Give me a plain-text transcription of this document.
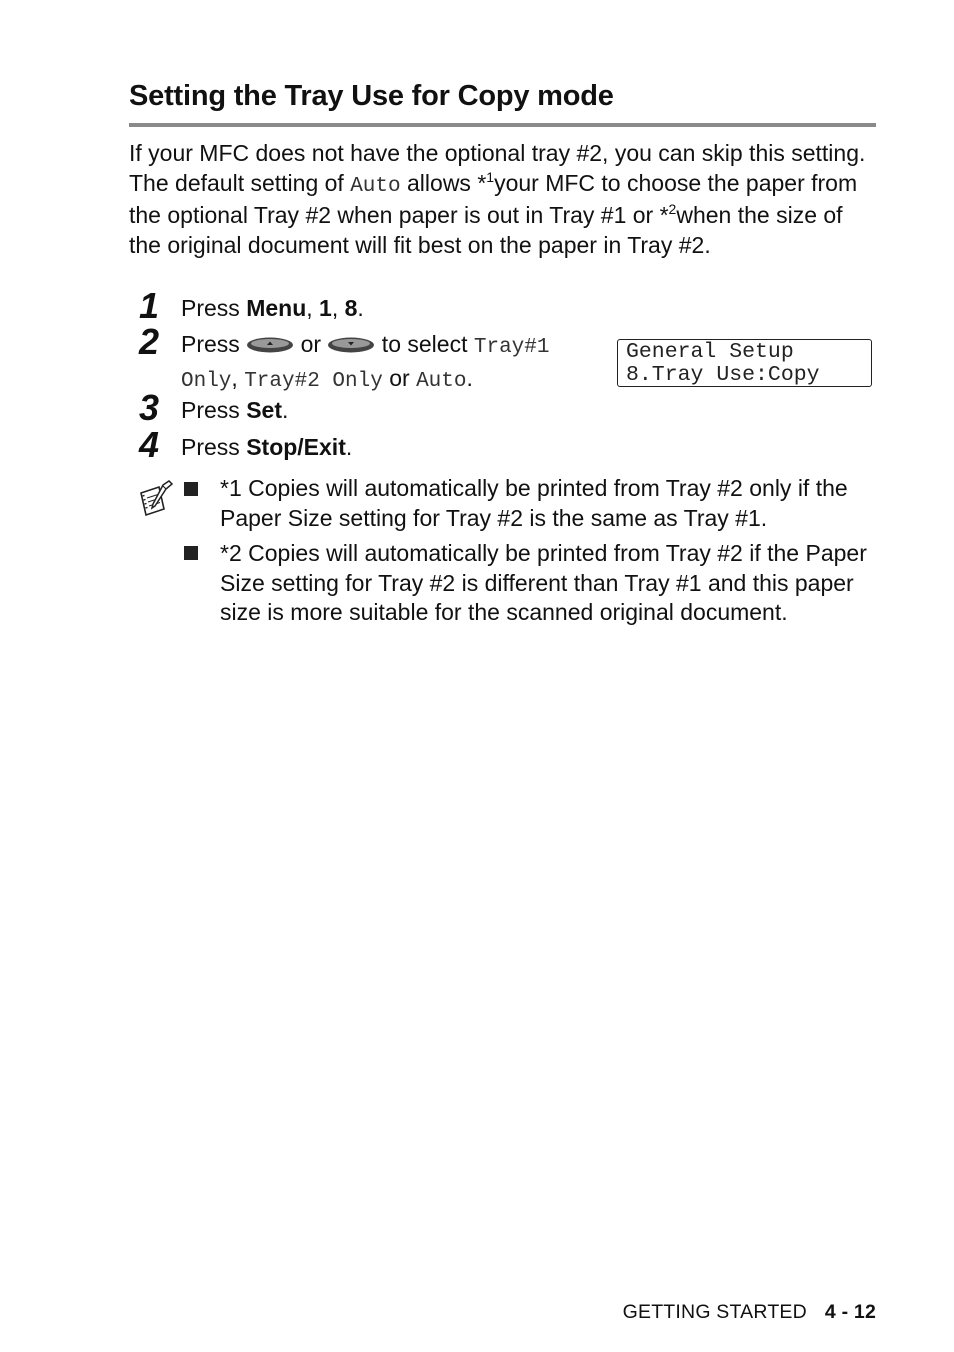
Setting the Tray Use for Copy mode

If your MFC does not have the optional tray #2, you can skip this setting. The default setting of Auto allows *$^1$your MFC to choose the paper from the optional Tray #2 when paper is out in Tray #1 or *$^2$when the size of the original document will fit best on the paper in Tray #2.

1 Press Menu, 1, 8.
2 Press  or  to select Tray#1 Only, Tray#2 Only or Auto.
General Setup
8.Tray Use:Copy
3 Press Set.
4 Press Stop/Exit.

*1 Copies will automatically be printed from Tray #2 only if the Paper Size setting for Tray #2 is the same as Tray #1.

*2 Copies will automatically be printed from Tray #2 if the Paper Size setting for Tray #2 is different than Tray #1 and this paper size is more suitable for the scanned original document.

GETTING STARTED 4 - 12
